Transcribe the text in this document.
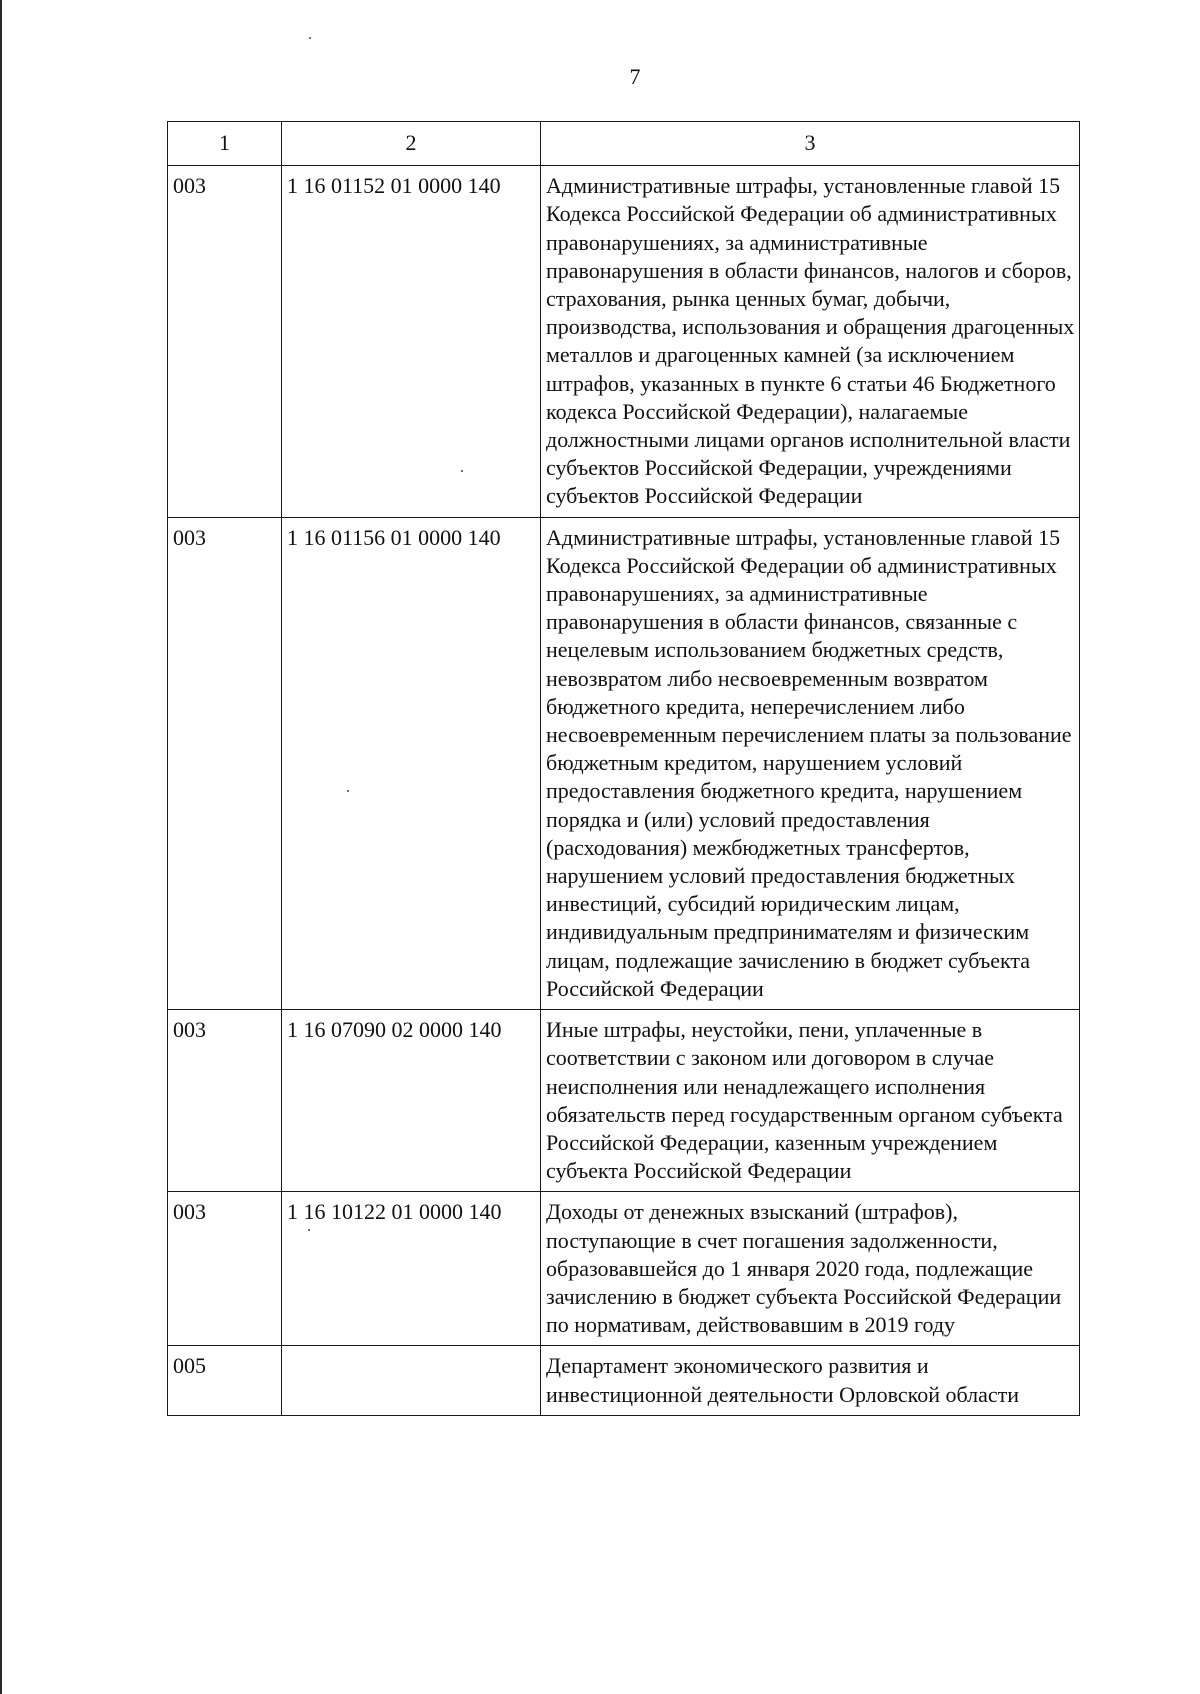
7
1	2	3
003	1 16 01152 01 0000 140	Административные штрафы, установленные главой 15 Кодекса Российской Федерации об административных правонарушениях, за административные правонарушения в области финансов, налогов и сборов, страхования, рынка ценных бумаг, добычи, производства, использования и обращения драгоценных металлов и драгоценных камней (за исключением штрафов, указанных в пункте 6 статьи 46 Бюджетного кодекса Российской Федерации), налагаемые должностными лицами органов исполнительной власти субъектов Российской Федерации, учреждениями субъектов Российской Федерации
003	1 16 01156 01 0000 140	Административные штрафы, установленные главой 15 Кодекса Российской Федерации об административных правонарушениях, за административные правонарушения в области финансов, связанные с нецелевым использованием бюджетных средств, невозвратом либо несвоевременным возвратом бюджетного кредита, неперечислением либо несвоевременным перечислением платы за пользование бюджетным кредитом, нарушением условий предоставления бюджетного кредита, нарушением порядка и (или) условий предоставления (расходования) межбюджетных трансфертов, нарушением условий предоставления бюджетных инвестиций, субсидий юридическим лицам, индивидуальным предпринимателям и физическим лицам, подлежащие зачислению в бюджет субъекта Российской Федерации
003	1 16 07090 02 0000 140	Иные штрафы, неустойки, пени, уплаченные в соответствии с законом или договором в случае неисполнения или ненадлежащего исполнения обязательств перед государственным органом субъекта Российской Федерации, казенным учреждением субъекта Российской Федерации
003	1 16 10122 01 0000 140	Доходы от денежных взысканий (штрафов), поступающие в счет погашения задолженности, образовавшейся до 1 января 2020 года, подлежащие зачислению в бюджет субъекта Российской Федерации по нормативам, действовавшим в 2019 году
005		Департамент экономического развития и инвестиционной деятельности Орловской области
